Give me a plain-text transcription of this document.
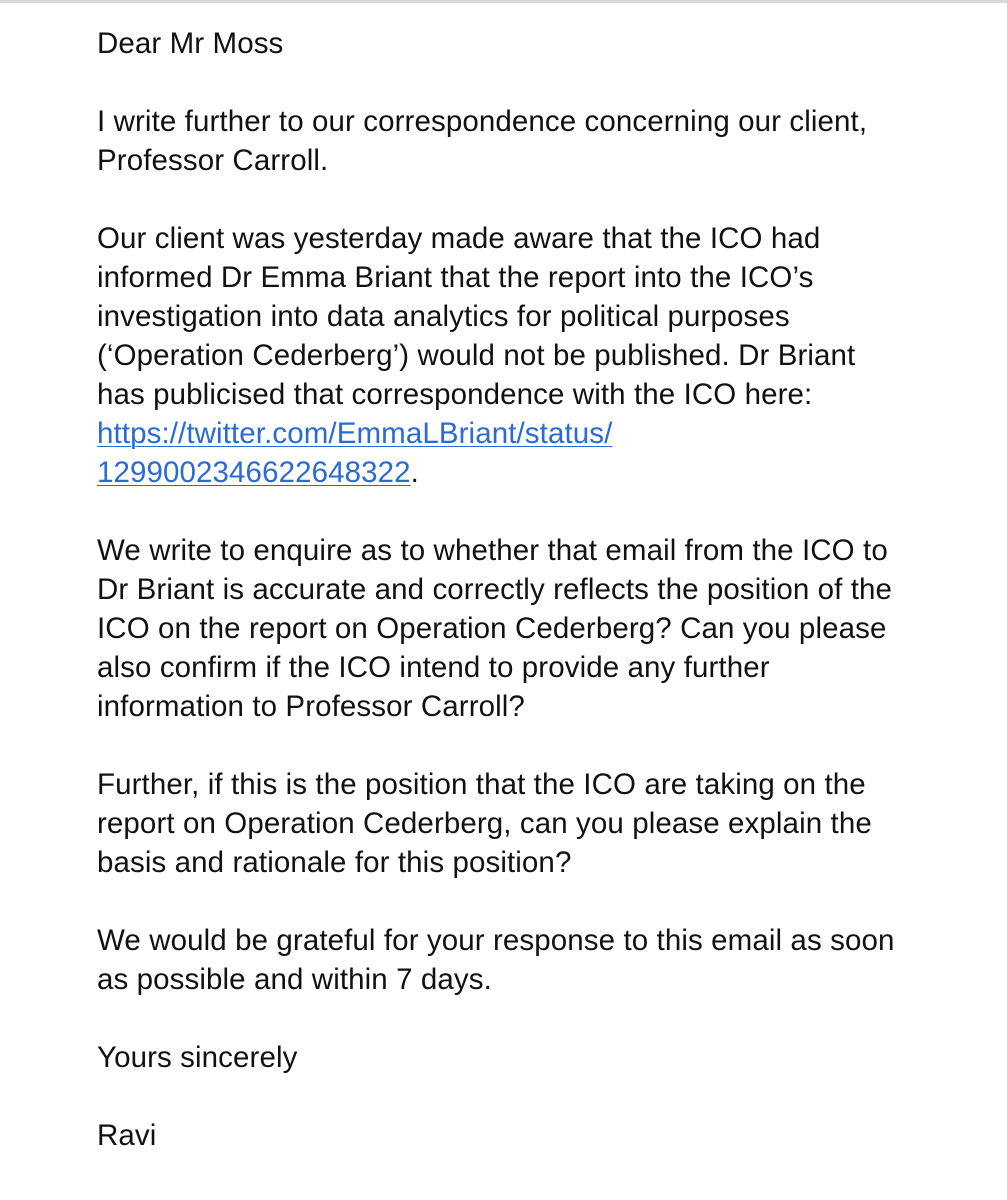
Dear Mr Moss

I write further to our correspondence concerning our client, Professor Carroll.

Our client was yesterday made aware that the ICO had informed Dr Emma Briant that the report into the ICO’s investigation into data analytics for political purposes (‘Operation Cederberg’) would not be published. Dr Briant has publicised that correspondence with the ICO here: https://twitter.com/EmmaLBriant/status/
1299002346622648322.

We write to enquire as to whether that email from the ICO to Dr Briant is accurate and correctly reflects the position of the ICO on the report on Operation Cederberg? Can you please also confirm if the ICO intend to provide any further information to Professor Carroll?

Further, if this is the position that the ICO are taking on the report on Operation Cederberg, can you please explain the basis and rationale for this position?

We would be grateful for your response to this email as soon as possible and within 7 days.

Yours sincerely

Ravi
